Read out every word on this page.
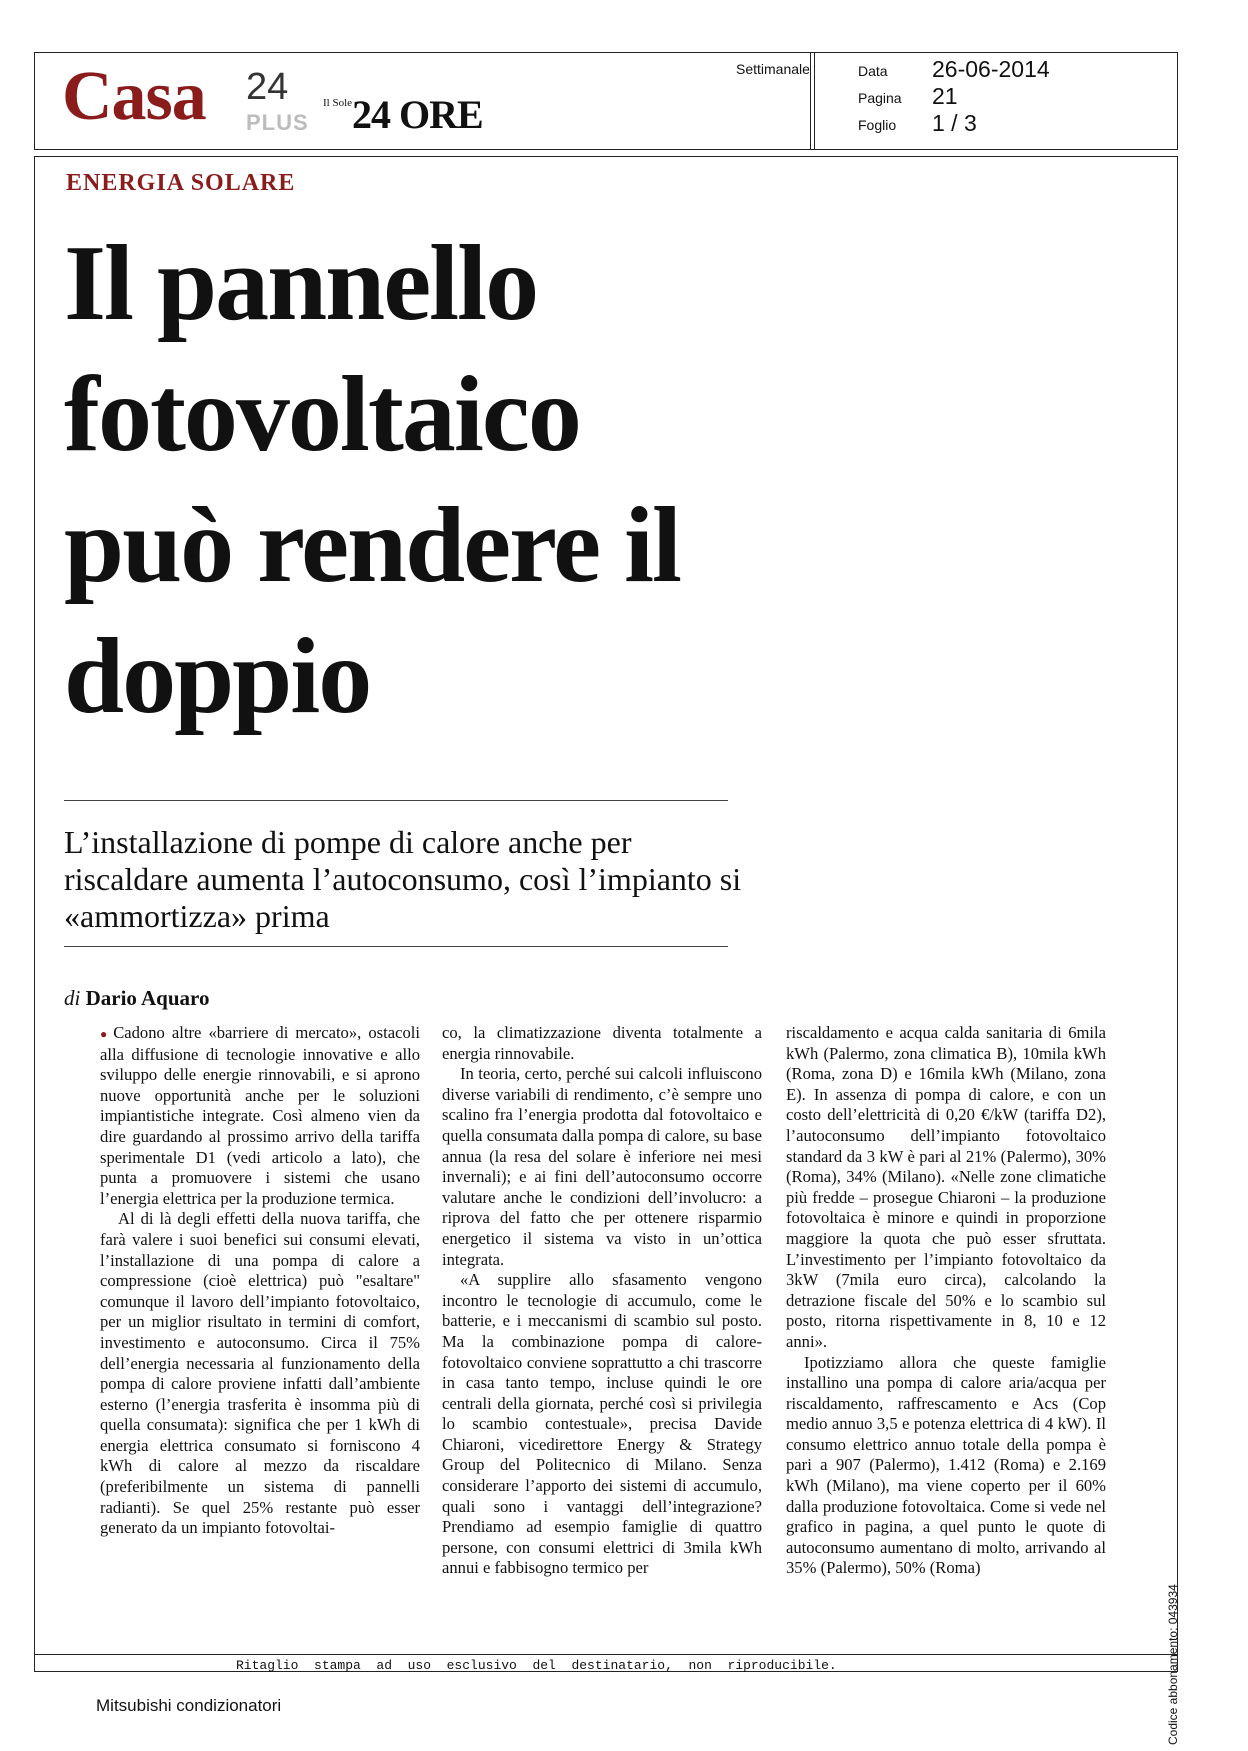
Casa 24
PLUS
Il Sole 24 ORE
Settimanale	Data 26-06-2014
Pagina 21
Foglio 1 / 3
ENERGIA SOLARE
Il pannello fotovoltaico può rendere il doppio

L’installazione di pompe di calore anche per riscaldare aumenta l’autoconsumo, così l’impianto si «ammortizza» prima

di Dario Aquaro

● Cadono altre «barriere di mercato», ostacoli alla diffusione di tecnologie innovative e allo sviluppo delle energie rinnovabili, e si aprono nuove opportunità anche per le soluzioni impiantistiche integrate. Così almeno vien da dire guardando al prossimo arrivo della tariffa sperimentale D1 (vedi articolo a lato), che punta a promuovere i sistemi che usano l’energia elettrica per la produzione termica.

Al di là degli effetti della nuova tariffa, che farà valere i suoi benefici sui consumi elevati, l’installazione di una pompa di calore a compressione (cioè elettrica) può "esaltare" comunque il lavoro dell’impianto fotovoltaico, per un miglior risultato in termini di comfort, investimento e autoconsumo. Circa il 75% dell’energia necessaria al funzionamento della pompa di calore proviene infatti dall’ambiente esterno (l’energia trasferita è insomma più di quella consumata): significa che per 1 kWh di energia elettrica consumato si forniscono 4 kWh di calore al mezzo da riscaldare (preferibilmente un sistema di pannelli radianti). Se quel 25% restante può esser generato da un impianto fotovoltai-

co, la climatizzazione diventa totalmente a energia rinnovabile.

In teoria, certo, perché sui calcoli influiscono diverse variabili di rendimento, c’è sempre uno scalino fra l’energia prodotta dal fotovoltaico e quella consumata dalla pompa di calore, su base annua (la resa del solare è inferiore nei mesi invernali); e ai fini dell’autoconsumo occorre valutare anche le condizioni dell’involucro: a riprova del fatto che per ottenere risparmio energetico il sistema va visto in un’ottica integrata.

«A supplire allo sfasamento vengono incontro le tecnologie di accumulo, come le batterie, e i meccanismi di scambio sul posto. Ma la combinazione pompa di calore-fotovoltaico conviene soprattutto a chi trascorre in casa tanto tempo, incluse quindi le ore centrali della giornata, perché così si privilegia lo scambio contestuale», precisa Davide Chiaroni, vicedirettore Energy & Strategy Group del Politecnico di Milano. Senza considerare l’apporto dei sistemi di accumulo, quali sono i vantaggi dell’integrazione? Prendiamo ad esempio famiglie di quattro persone, con consumi elettrici di 3mila kWh annui e fabbisogno termico per

riscaldamento e acqua calda sanitaria di 6mila kWh (Palermo, zona climatica B), 10mila kWh (Roma, zona D) e 16mila kWh (Milano, zona E). In assenza di pompa di calore, e con un costo dell’elettricità di 0,20 €/kW (tariffa D2), l’autoconsumo dell’impianto fotovoltaico standard da 3 kW è pari al 21% (Palermo), 30% (Roma), 34% (Milano). «Nelle zone climatiche più fredde – prosegue Chiaroni – la produzione fotovoltaica è minore e quindi in proporzione maggiore la quota che può esser sfruttata. L’investimento per l’impianto fotovoltaico da 3kW (7mila euro circa), calcolando la detrazione fiscale del 50% e lo scambio sul posto, ritorna rispettivamente in 8, 10 e 12 anni».

Ipotizziamo allora che queste famiglie installino una pompa di calore aria/acqua per riscaldamento, raffrescamento e Acs (Cop medio annuo 3,5 e potenza elettrica di 4 kW). Il consumo elettrico annuo totale della pompa è pari a 907 (Palermo), 1.412 (Roma) e 2.169 kWh (Milano), ma viene coperto per il 60% dalla produzione fotovoltaica. Come si vede nel grafico in pagina, a quel punto le quote di autoconsumo aumentano di molto, arrivando al 35% (Palermo), 50% (Roma)

Codice abbonamento: 043934
Ritaglio  stampa  ad  uso  esclusivo  del  destinatario,  non  riproducibile.
Mitsubishi condizionatori
